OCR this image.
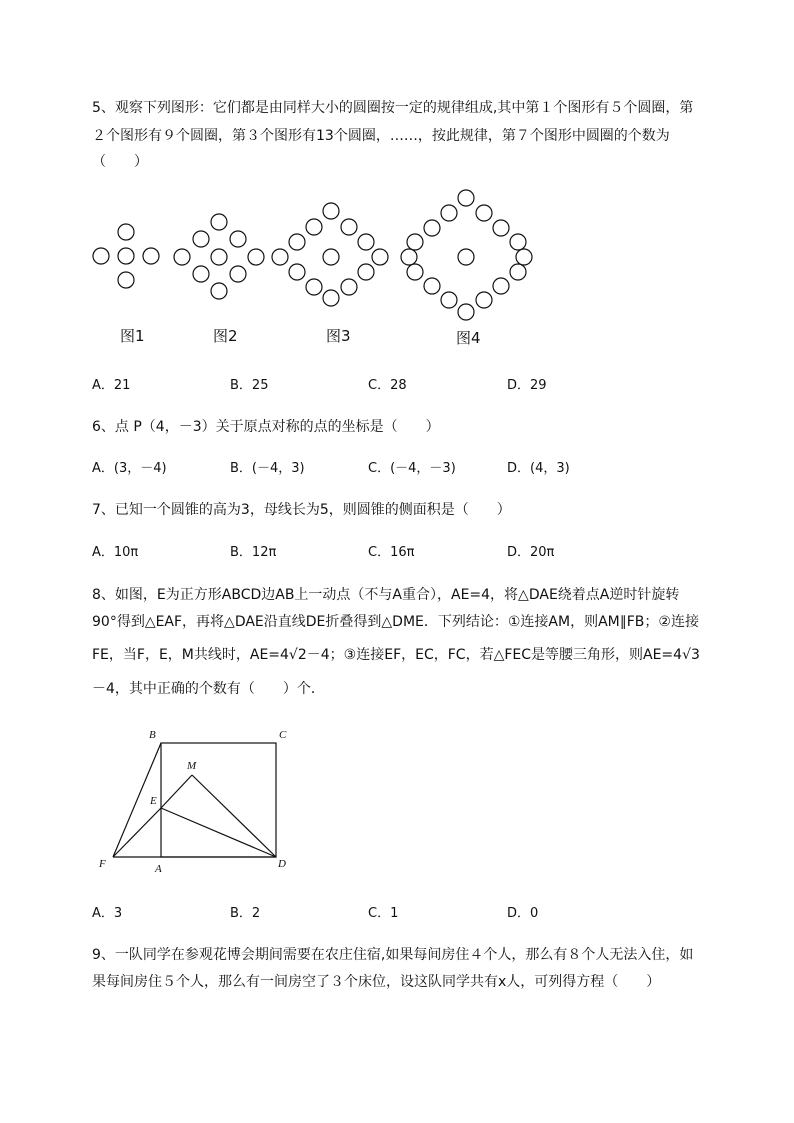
5、观察下列图形：它们都是由同样大小的圆圈按一定的规律组成,其中第１个图形有５个圆圈，第
２个图形有９个圆圈，第３个图形有13个圆圈，……，按此规律，第７个图形中圆圈的个数为
（　　）
图1	图2	图3	图4
A．21	B．25	C．28	D．29
6、点 P（4，－3）关于原点对称的点的坐标是（　　）
A．(3，－4)	B．(－4，3)	C．(－4，－3)	D．(4，3)
7、已知一个圆锥的高为3，母线长为5，则圆锥的侧面积是（　　）
A．10π	B．12π	C．16π	D．20π
8、如图，E为正方形ABCD边AB上一动点（不与A重合），AE=4，将△DAE绕着点A逆时针旋转
90°得到△EAF，再将△DAE沿直线DE折叠得到△DME．下列结论：①连接AM，则AM∥FB；②连接
FE，当F，E，M共线时，AE=4√2－4；③连接EF，EC，FC，若△FEC是等腰三角形，则AE=4√3
－4，其中正确的个数有（　　）个．
B	C
M
E
F	A	D
A．3	B．2	C．1	D．0
9、一队同学在参观花博会期间需要在农庄住宿,如果每间房住４个人，那么有８个人无法入住，如
果每间房住５个人，那么有一间房空了３个床位，设这队同学共有x人，可列得方程（　　）
